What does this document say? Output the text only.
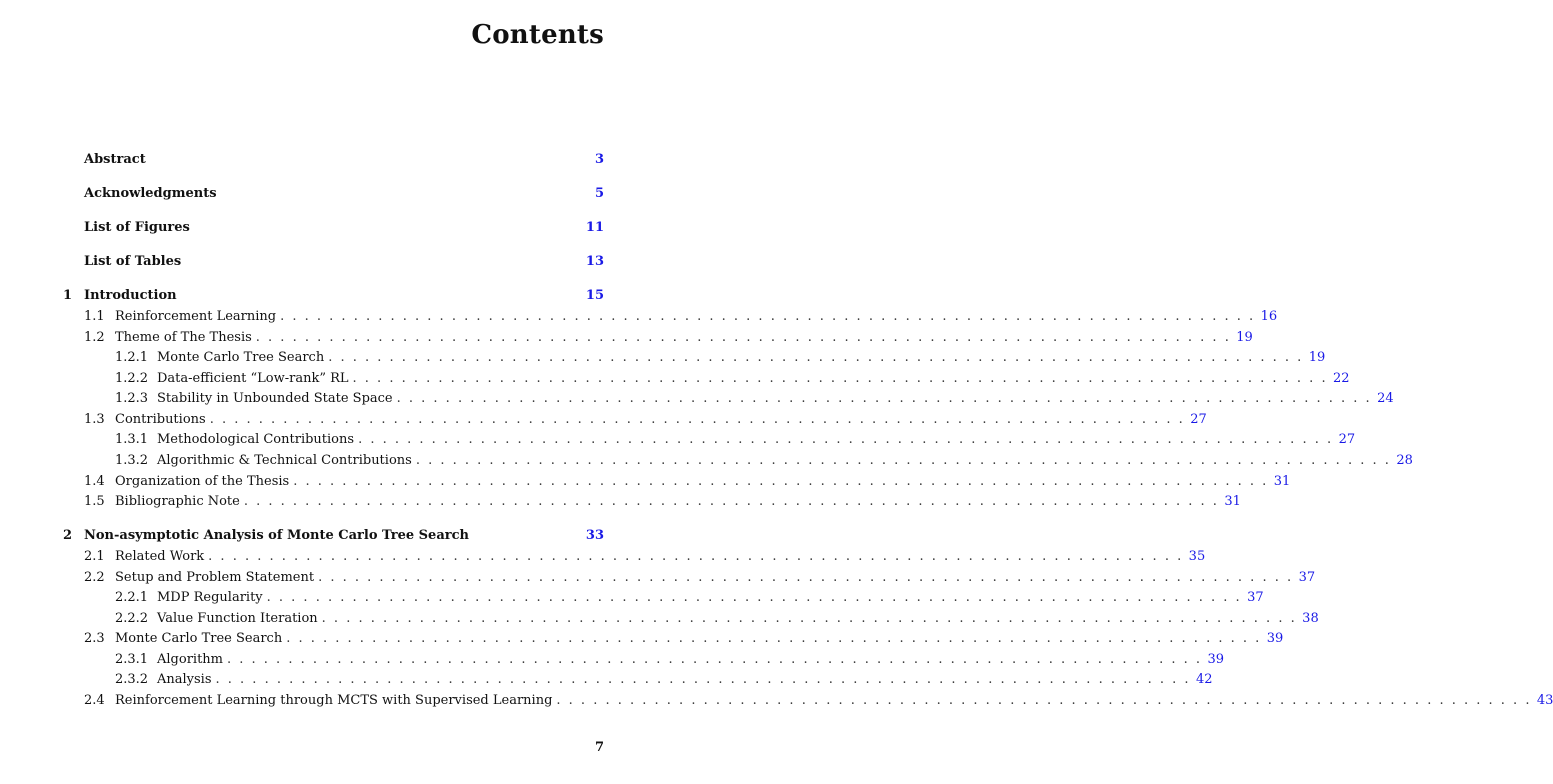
Contents
Abstract	3
Acknowledgments	5
List of Figures	11
List of Tables	13
1 Introduction	15
1.1 Reinforcement Learning . . . . . . . . . . . . . . . . . . . . . . . . . . . . . . . . . . . . . . . . . . . . . . . . . . . . . . . . . . . . . . . . . . . . . . . . . . . . . . . . 16
1.2 Theme of The Thesis . . . . . . . . . . . . . . . . . . . . . . . . . . . . . . . . . . . . . . . . . . . . . . . . . . . . . . . . . . . . . . . . . . . . . . . . . . . . . . . . 19
1.2.1 Monte Carlo Tree Search . . . . . . . . . . . . . . . . . . . . . . . . . . . . . . . . . . . . . . . . . . . . . . . . . . . . . . . . . . . . . . . . . . . . . . . . . . . . . . . . 19
1.2.2 Data-efficient “Low-rank” RL . . . . . . . . . . . . . . . . . . . . . . . . . . . . . . . . . . . . . . . . . . . . . . . . . . . . . . . . . . . . . . . . . . . . . . . . . . . . . . . . 22
1.2.3 Stability in Unbounded State Space . . . . . . . . . . . . . . . . . . . . . . . . . . . . . . . . . . . . . . . . . . . . . . . . . . . . . . . . . . . . . . . . . . . . . . . . . . . . . . . . 24
1.3 Contributions . . . . . . . . . . . . . . . . . . . . . . . . . . . . . . . . . . . . . . . . . . . . . . . . . . . . . . . . . . . . . . . . . . . . . . . . . . . . . . . . 27
1.3.1 Methodological Contributions . . . . . . . . . . . . . . . . . . . . . . . . . . . . . . . . . . . . . . . . . . . . . . . . . . . . . . . . . . . . . . . . . . . . . . . . . . . . . . . . 27
1.3.2 Algorithmic & Technical Contributions . . . . . . . . . . . . . . . . . . . . . . . . . . . . . . . . . . . . . . . . . . . . . . . . . . . . . . . . . . . . . . . . . . . . . . . . . . . . . . . . 28
1.4 Organization of the Thesis . . . . . . . . . . . . . . . . . . . . . . . . . . . . . . . . . . . . . . . . . . . . . . . . . . . . . . . . . . . . . . . . . . . . . . . . . . . . . . . . 31
1.5 Bibliographic Note . . . . . . . . . . . . . . . . . . . . . . . . . . . . . . . . . . . . . . . . . . . . . . . . . . . . . . . . . . . . . . . . . . . . . . . . . . . . . . . . 31
2 Non-asymptotic Analysis of Monte Carlo Tree Search	33
2.1 Related Work . . . . . . . . . . . . . . . . . . . . . . . . . . . . . . . . . . . . . . . . . . . . . . . . . . . . . . . . . . . . . . . . . . . . . . . . . . . . . . . . 35
2.2 Setup and Problem Statement . . . . . . . . . . . . . . . . . . . . . . . . . . . . . . . . . . . . . . . . . . . . . . . . . . . . . . . . . . . . . . . . . . . . . . . . . . . . . . . . 37
2.2.1 MDP Regularity . . . . . . . . . . . . . . . . . . . . . . . . . . . . . . . . . . . . . . . . . . . . . . . . . . . . . . . . . . . . . . . . . . . . . . . . . . . . . . . . 37
2.2.2 Value Function Iteration . . . . . . . . . . . . . . . . . . . . . . . . . . . . . . . . . . . . . . . . . . . . . . . . . . . . . . . . . . . . . . . . . . . . . . . . . . . . . . . . 38
2.3 Monte Carlo Tree Search . . . . . . . . . . . . . . . . . . . . . . . . . . . . . . . . . . . . . . . . . . . . . . . . . . . . . . . . . . . . . . . . . . . . . . . . . . . . . . . . 39
2.3.1 Algorithm . . . . . . . . . . . . . . . . . . . . . . . . . . . . . . . . . . . . . . . . . . . . . . . . . . . . . . . . . . . . . . . . . . . . . . . . . . . . . . . . 39
2.3.2 Analysis . . . . . . . . . . . . . . . . . . . . . . . . . . . . . . . . . . . . . . . . . . . . . . . . . . . . . . . . . . . . . . . . . . . . . . . . . . . . . . . . 42
2.4 Reinforcement Learning through MCTS with Supervised Learning . . . . . . . . . . . . . . . . . . . . . . . . . . . . . . . . . . . . . . . . . . . . . . . . . . . . . . . . . . . . . . . . . . . . . . . . . . . . . . . . 43
7
